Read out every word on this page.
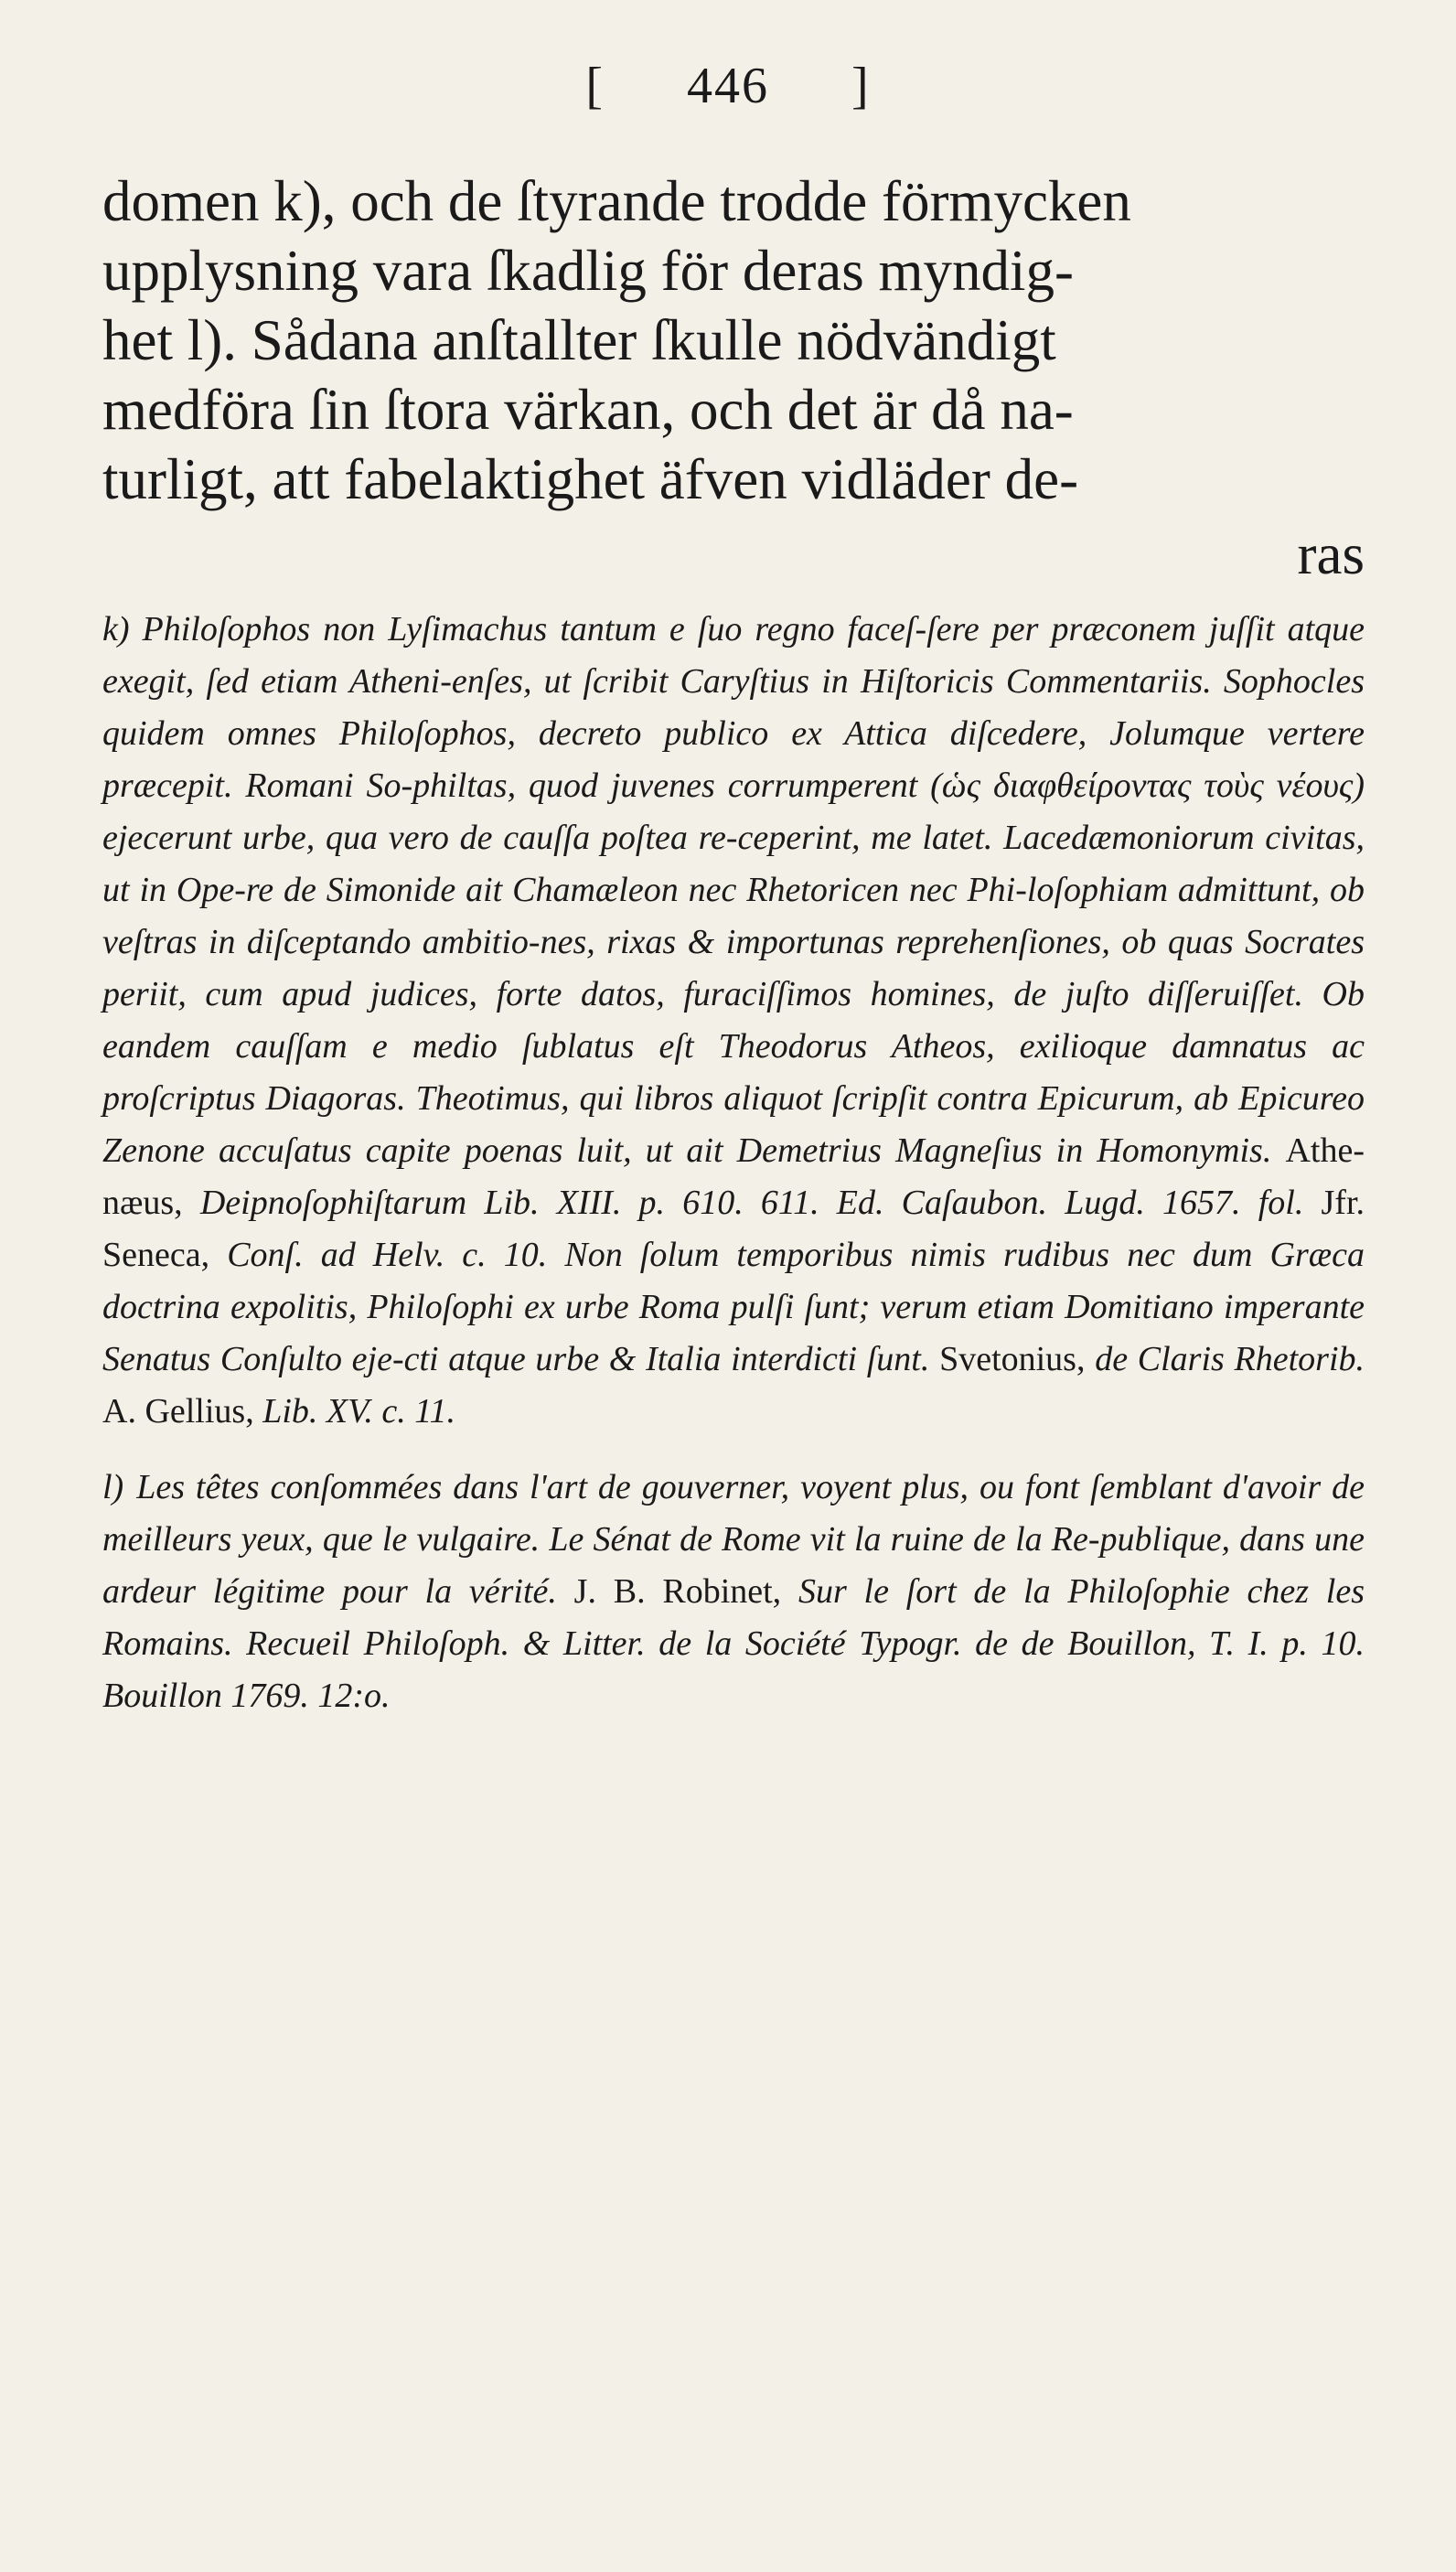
[ 446 ]
domen k), och de ſtyrande trodde förmycken
upplysning vara ſkadlig för deras myndig-
het l). Sådana anſtallter ſkulle nödvändigt
medföra ſin ſtora värkan, och det är då na-
turligt, att fabelaktighet äfven vidläder de-
ras
k) Philoſophos non Lyſimachus tantum e ſuo regno faceſ-ſere per præconem juſſit atque exegit, ſed etiam Atheni-enſes, ut ſcribit Caryſtius in Hiſtoricis Commentariis. Sophocles quidem omnes Philoſophos, decreto publico ex Attica diſcedere, Jolumque vertere præcepit. Romani So-philtas, quod juvenes corrumperent (ὡς διαφθείροντας τοὺς νέους) ejecerunt urbe, qua vero de cauſſa poſtea re-ceperint, me latet. Lacedæmoniorum civitas, ut in Ope-re de Simonide ait Chamæleon nec Rhetoricen nec Phi-loſophiam admittunt, ob veſtras in diſceptando ambitio-nes, rixas & importunas reprehenſiones, ob quas Socrates periit, cum apud judices, forte datos, furaciſſimos homines, de juſto diſſeruiſſet. Ob eandem cauſſam e medio ſublatus eſt Theodorus Atheos, exilioque damnatus ac proſcriptus Diagoras. Theotimus, qui libros aliquot ſcripſit contra Epicurum, ab Epicureo Zenone accuſatus capite poenas luit, ut ait Demetrius Magneſius in Homonymis. Athe-næus, Deipnoſophiſtarum Lib. XIII. p. 610. 611. Ed. Caſaubon. Lugd. 1657. fol. Jfr. Seneca, Conſ. ad Helv. c. 10. Non ſolum temporibus nimis rudibus nec dum Græca doctrina expolitis, Philoſophi ex urbe Roma pulſi ſunt; verum etiam Domitiano imperante Senatus Conſulto eje-cti atque urbe & Italia interdicti ſunt. Svetonius, de Claris Rhetorib. A. Gellius, Lib. XV. c. 11.
l) Les têtes conſommées dans l'art de gouverner, voyent plus, ou font ſemblant d'avoir de meilleurs yeux, que le vulgaire. Le Sénat de Rome vit la ruine de la Re-publique, dans une ardeur légitime pour la vérité. J. B. Robinet, Sur le ſort de la Philoſophie chez les Romains. Recueil Philoſoph. & Litter. de la Société Typogr. de de Bouillon, T. I. p. 10. Bouillon 1769. 12:o.
